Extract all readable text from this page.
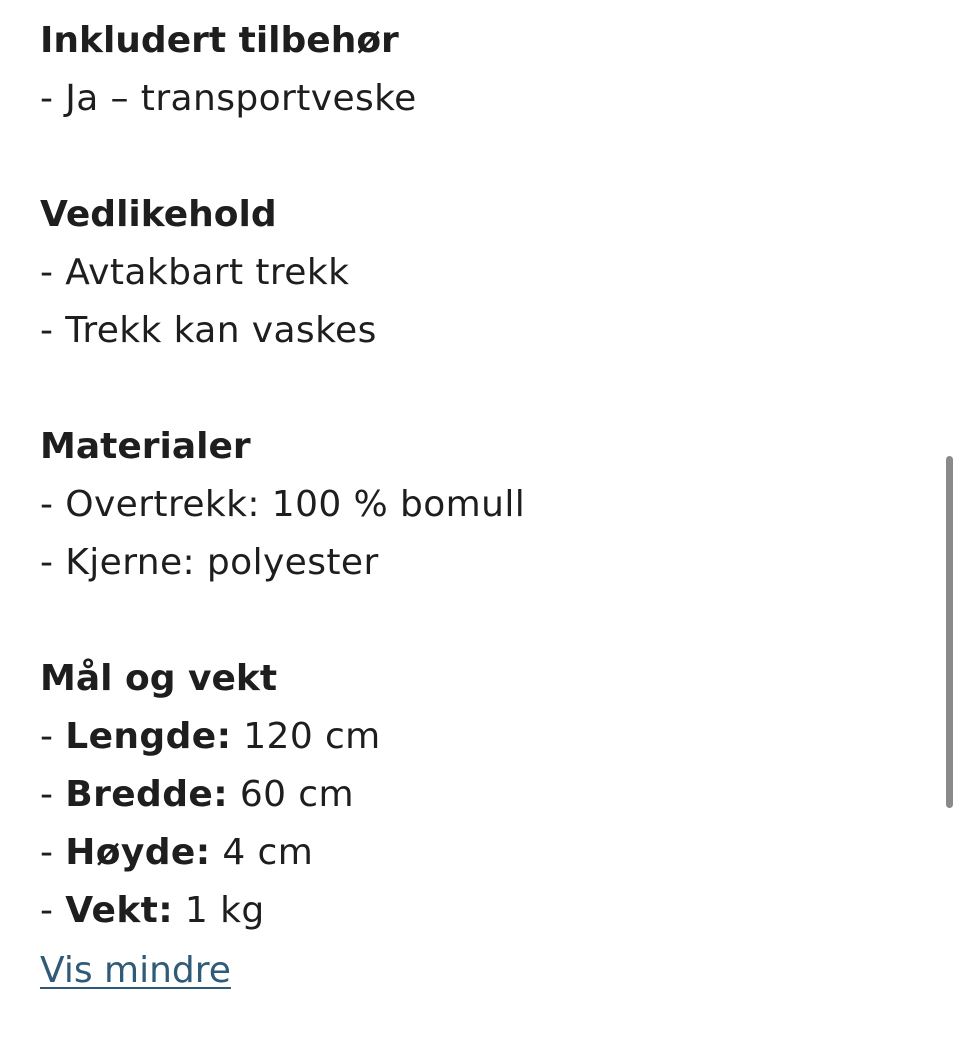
Inkludert tilbehør
- Ja – transportveske
Vedlikehold
- Avtakbart trekk
- Trekk kan vaskes
Materialer
- Overtrekk: 100 % bomull
- Kjerne: polyester
Mål og vekt
- Lengde: 120 cm
- Bredde: 60 cm
- Høyde: 4 cm
- Vekt: 1 kg
Vis mindre
